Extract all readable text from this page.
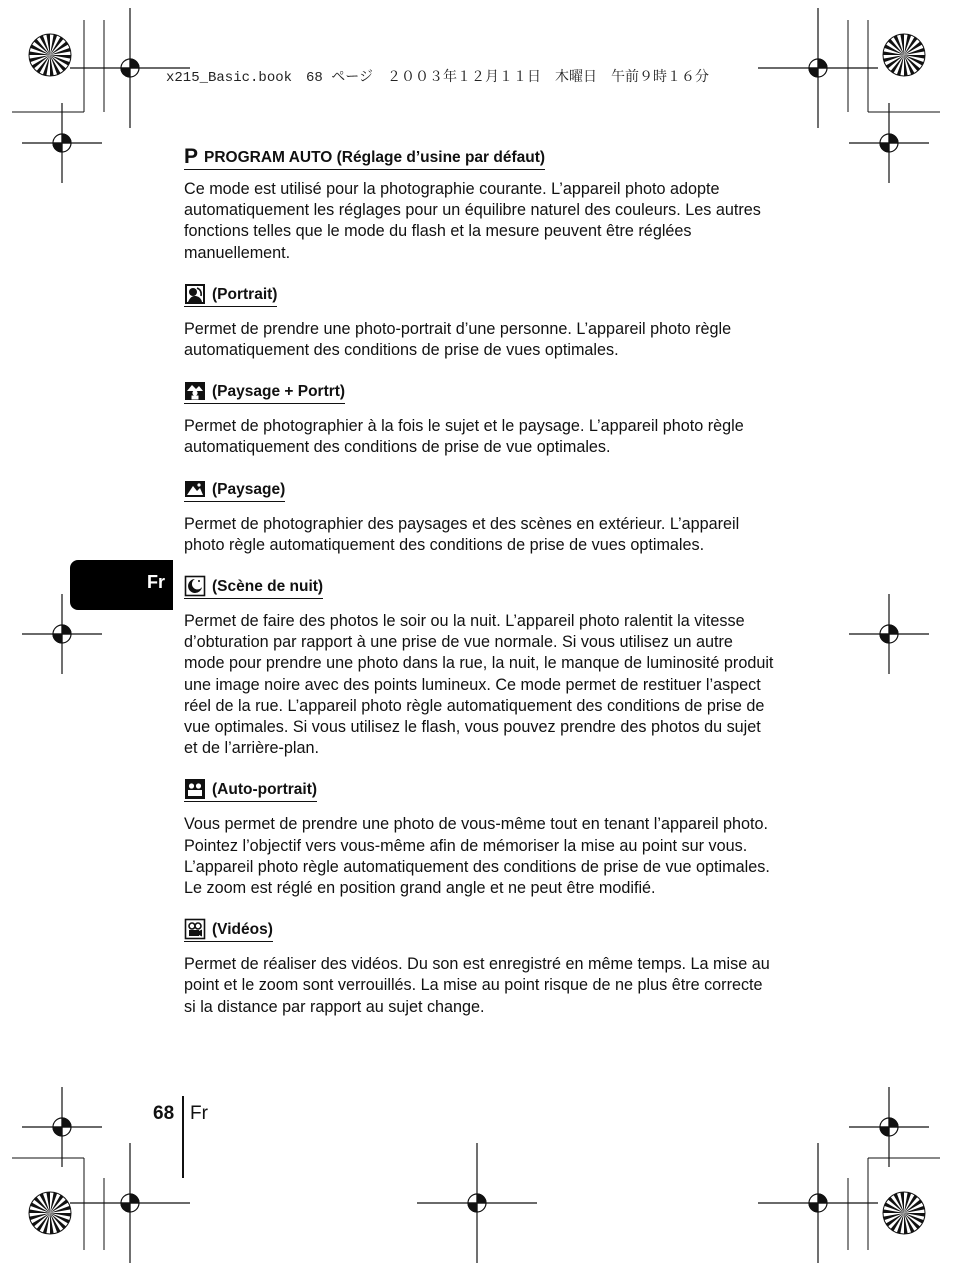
x215_Basic.book　68 ページ　２００３年１２月１１日　木曜日　午前９時１６分
Fr
P PROGRAM AUTO (Réglage d’usine par défaut)

Ce mode est utilisé pour la photographie courante. L’appareil photo adopte automatiquement les réglages pour un équilibre naturel des couleurs. Les autres fonctions telles que le mode du flash et la mesure peuvent être réglées manuellement.

(Portrait)

Permet de prendre une photo-portrait d’une personne. L’appareil photo règle automatiquement des conditions de prise de vues optimales.

(Paysage + Portrt)

Permet de photographier à la fois le sujet et le paysage. L’appareil photo règle automatiquement des conditions de prise de vue optimales.

(Paysage)

Permet de photographier des paysages et des scènes en extérieur. L’appareil photo règle automatiquement des conditions de prise de vues optimales.

(Scène de nuit)

Permet de faire des photos le soir ou la nuit. L’appareil photo ralentit la vitesse d’obturation par rapport à une prise de vue normale. Si vous utilisez un autre mode pour prendre une photo dans la rue, la nuit, le manque de luminosité produit une image noire avec des points lumineux. Ce mode permet de restituer l’aspect réel de la rue. L’appareil photo règle automatiquement des conditions de prise de vue optimales. Si vous utilisez le flash, vous pouvez prendre des photos du sujet et de l’arrière-plan.

(Auto-portrait)

Vous permet de prendre une photo de vous-même tout en tenant l’appareil photo. Pointez l’objectif vers vous-même afin de mémoriser la mise au point sur vous. L’appareil photo règle automatiquement des conditions de prise de vue optimales. Le zoom est réglé en position grand angle et ne peut être modifié.

(Vidéos)

Permet de réaliser des vidéos. Du son est enregistré en même temps. La mise au point et le zoom sont verrouillés. La mise au point risque de ne plus être correcte si la distance par rapport au sujet change.

68 Fr
